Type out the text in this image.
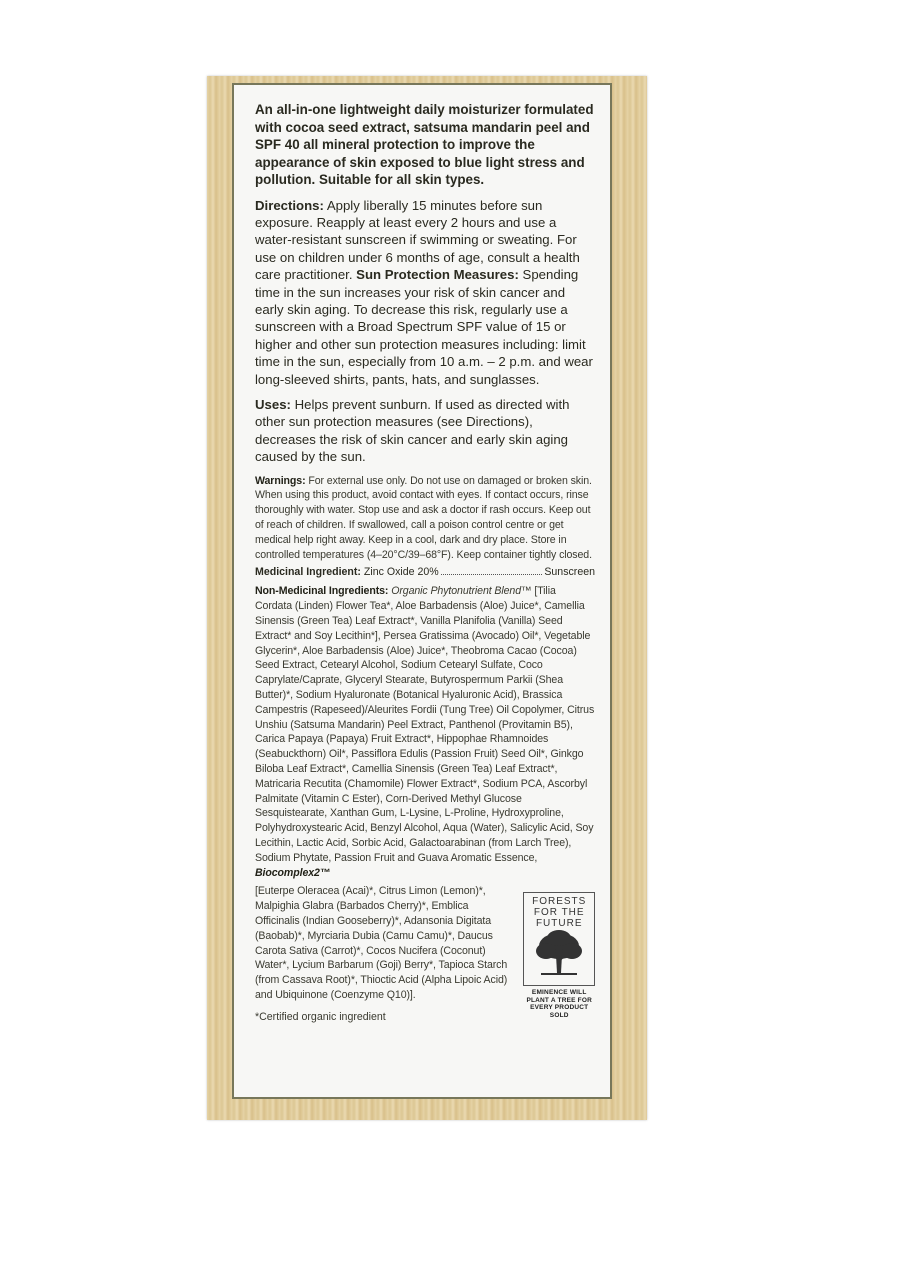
An all-in-one lightweight daily moisturizer formulated with cocoa seed extract, satsuma mandarin peel and SPF 40 all mineral protection to improve the appearance of skin exposed to blue light stress and pollution. Suitable for all skin types.

Directions: Apply liberally 15 minutes before sun exposure. Reapply at least every 2 hours and use a water-resistant sunscreen if swimming or sweating. For use on children under 6 months of age, consult a health care practitioner. Sun Protection Measures: Spending time in the sun increases your risk of skin cancer and early skin aging. To decrease this risk, regularly use a sunscreen with a Broad Spectrum SPF value of 15 or higher and other sun protection measures including: limit time in the sun, especially from 10 a.m. – 2 p.m. and wear long-sleeved shirts, pants, hats, and sunglasses.

Uses: Helps prevent sunburn. If used as directed with other sun protection measures (see Directions), decreases the risk of skin cancer and early skin aging caused by the sun.

Warnings: For external use only. Do not use on damaged or broken skin. When using this product, avoid contact with eyes. If contact occurs, rinse thoroughly with water. Stop use and ask a doctor if rash occurs. Keep out of reach of children. If swallowed, call a poison control centre or get medical help right away. Keep in a cool, dark and dry place. Store in controlled temperatures (4–20°C/39–68°F). Keep container tightly closed.

Medicinal Ingredient:
Zinc Oxide 20%	Sunscreen

Non-Medicinal Ingredients: Organic Phytonutrient Blend™ [Tilia Cordata (Linden) Flower Tea*, Aloe Barbadensis (Aloe) Juice*, Camellia Sinensis (Green Tea) Leaf Extract*, Vanilla Planifolia (Vanilla) Seed Extract* and Soy Lecithin*], Persea Gratissima (Avocado) Oil*, Vegetable Glycerin*, Aloe Barbadensis (Aloe) Juice*, Theobroma Cacao (Cocoa) Seed Extract, Cetearyl Alcohol, Sodium Cetearyl Sulfate, Coco Caprylate/Caprate, Glyceryl Stearate, Butyrospermum Parkii (Shea Butter)*, Sodium Hyaluronate (Botanical Hyaluronic Acid), Brassica Campestris (Rapeseed)/Aleurites Fordii (Tung Tree) Oil Copolymer, Citrus Unshiu (Satsuma Mandarin) Peel Extract, Panthenol (Provitamin B5), Carica Papaya (Papaya) Fruit Extract*, Hippophae Rhamnoides (Seabuckthorn) Oil*, Passiflora Edulis (Passion Fruit) Seed Oil*, Ginkgo Biloba Leaf Extract*, Camellia Sinensis (Green Tea) Leaf Extract*, Matricaria Recutita (Chamomile) Flower Extract*, Sodium PCA, Ascorbyl Palmitate (Vitamin C Ester), Corn-Derived Methyl Glucose Sesquistearate, Xanthan Gum, L-Lysine, L-Proline, Hydroxyproline, Polyhydroxystearic Acid, Benzyl Alcohol, Aqua (Water), Salicylic Acid, Soy Lecithin, Lactic Acid, Sorbic Acid, Galactoarabinan (from Larch Tree), Sodium Phytate, Passion Fruit and Guava Aromatic Essence, Biocomplex2™

[Euterpe Oleracea (Acai)*, Citrus Limon (Lemon)*, Malpighia Glabra (Barbados Cherry)*, Emblica Officinalis (Indian Gooseberry)*, Adansonia Digitata (Baobab)*, Myrciaria Dubia (Camu Camu)*, Daucus Carota Sativa (Carrot)*, Cocos Nucifera (Coconut) Water*, Lycium Barbarum (Goji) Berry*, Tapioca Starch (from Cassava Root)*, Thioctic Acid (Alpha Lipoic Acid) and Ubiquinone (Coenzyme Q10)].

*Certified organic ingredient
FORESTS
FOR THE
FUTURE
EMINENCE WILL PLANT A TREE FOR EVERY PRODUCT SOLD
